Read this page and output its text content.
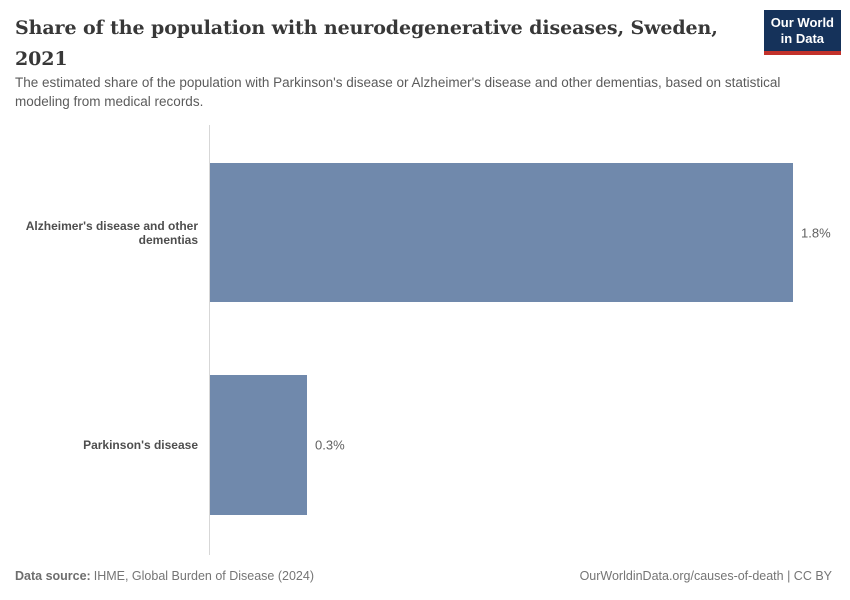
Share of the population with neurodegenerative diseases, Sweden,
2021
Our World
in Data

The estimated share of the population with Parkinson's disease or Alzheimer's disease and other dementias, based on statistical modeling from medical records.

Alzheimer's disease and other dementias	1.8%
Parkinson's disease	0.3%
Data source: IHME, Global Burden of Disease (2024)	OurWorldinData.org/causes-of-death | CC BY
